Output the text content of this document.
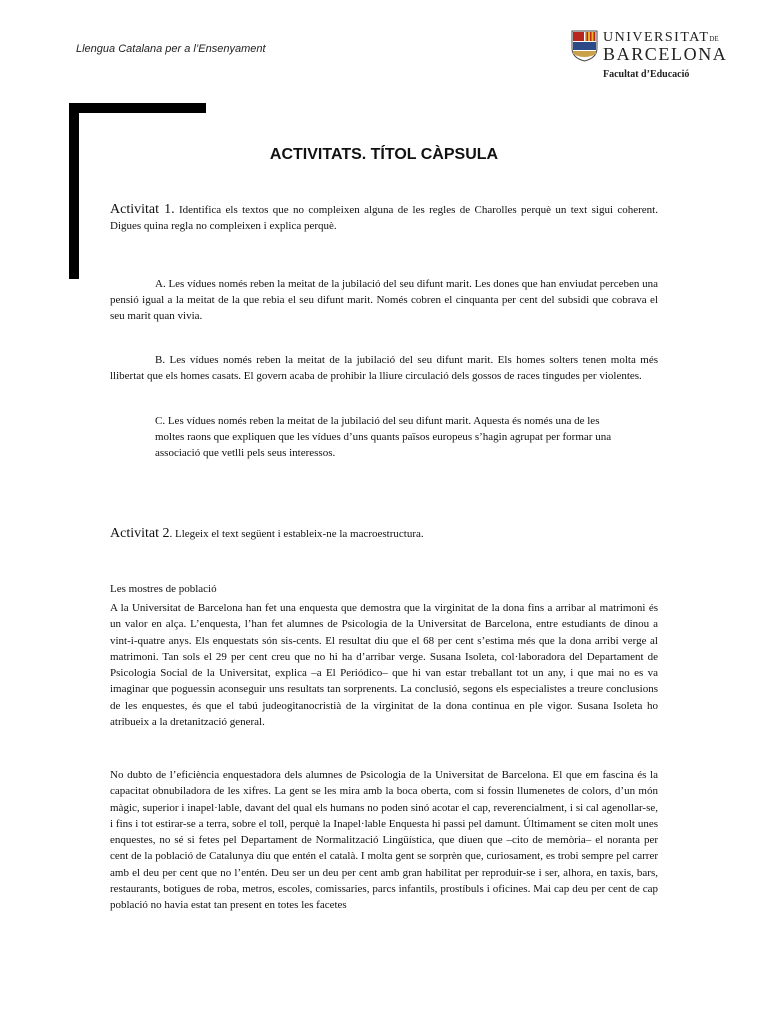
Llengua Catalana per a l’Ensenyament
UNIVERSITATDE
BARCELONA
Facultat d’Educació
ACTIVITATS. TÍTOL CÀPSULA
Activitat 1. Identifica els textos que no compleixen alguna de les regles de Charolles perquè un text sigui coherent. Digues quina regla no compleixen i explica perquè.
A. Les vídues només reben la meitat de la jubilació del seu difunt marit. Les dones que han enviudat perceben una pensió igual a la meitat de la que rebia el seu difunt marit. Només cobren el cinquanta per cent del subsidi que cobrava el seu marit quan vivia.
B. Les vídues només reben la meitat de la jubilació del seu difunt marit. Els homes solters tenen molta més llibertat que els homes casats. El govern acaba de prohibir la lliure circulació dels gossos de races tingudes per violentes.
C. Les vídues només reben la meitat de la jubilació del seu difunt marit. Aquesta és només una de les moltes raons que expliquen que les vídues d’uns quants països europeus s’hagin agrupat per formar una associació que vetlli pels seus interessos.
Activitat 2. Llegeix el text següent i estableix-ne la macroestructura.
Les mostres de població

A la Universitat de Barcelona han fet una enquesta que demostra que la virginitat de la dona fins a arribar al matrimoni és un valor en alça. L’enquesta, l’han fet alumnes de Psicologia de la Universitat de Barcelona, entre estudiants de dinou a vint-i-quatre anys. Els enquestats són sis-cents. El resultat diu que el 68 per cent s’estima més que la dona arribi verge al matrimoni. Tan sols el 29 per cent creu que no hi ha d’arribar verge. Susana Isoleta, col·laboradora del Departament de Psicologia Social de la Universitat, explica –a El Periódico– que hi van estar treballant tot un any, i que mai no es va imaginar que poguessin aconseguir uns resultats tan sorprenents. La conclusió, segons els especialistes a treure conclusions de les enquestes, és que el tabú judeogitanocristià de la virginitat de la dona continua en ple vigor. Susana Isoleta ho atribueix a la dretanització general.

No dubto de l’eficiència enquestadora dels alumnes de Psicologia de la Universitat de Barcelona. El que em fascina és la capacitat obnubiladora de les xifres. La gent se les mira amb la boca oberta, com si fossin llumenetes de colors, d’un món màgic, superior i inapel·lable, davant del qual els humans no poden sinó acotar el cap, reverencialment, i si cal agenollar-se, i fins i tot estirar-se a terra, sobre el toll, perquè la Inapel·lable Enquesta hi passi pel damunt. Últimament se citen molt unes enquestes, no sé si fetes pel Departament de Normalització Lingüística, que diuen que –cito de memòria– el noranta per cent de la població de Catalunya diu que entén el català. I molta gent se sorprèn que, curiosament, es trobi sempre pel carrer amb el deu per cent que no l’entén. Deu ser un deu per cent amb gran habilitat per reproduir-se i ser, alhora, en taxis, bars, restaurants, botigues de roba, metros, escoles, comissaries, parcs infantils, prostíbuls i oficines. Mai cap deu per cent de cap població no havia estat tan present en totes les facetes
